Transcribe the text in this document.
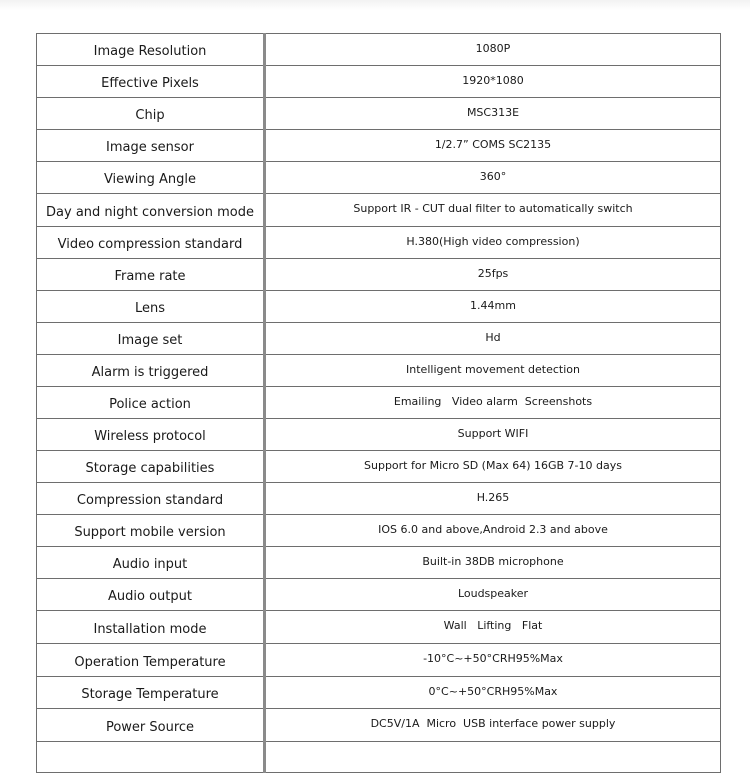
Image Resolution	1080P
Effective Pixels	1920*1080
Chip	MSC313E
Image sensor	1/2.7” COMS SC2135
Viewing Angle	360°
Day and night conversion mode	Support IR - CUT dual filter to automatically switch
Video compression standard	H.380(High video compression)
Frame rate	25fps
Lens	1.44mm
Image set	Hd
Alarm is triggered	Intelligent movement detection
Police action	Emailing   Video alarm  Screenshots
Wireless protocol	Support WIFI
Storage capabilities	Support for Micro SD (Max 64) 16GB 7-10 days
Compression standard	H.265
Support mobile version	IOS 6.0 and above,Android 2.3 and above
Audio input	Built-in 38DB microphone
Audio output	Loudspeaker
Installation mode	Wall   Lifting   Flat
Operation Temperature	-10°C~+50°CRH95%Max
Storage Temperature	0°C~+50°CRH95%Max
Power Source	DC5V/1A  Micro  USB interface power supply
